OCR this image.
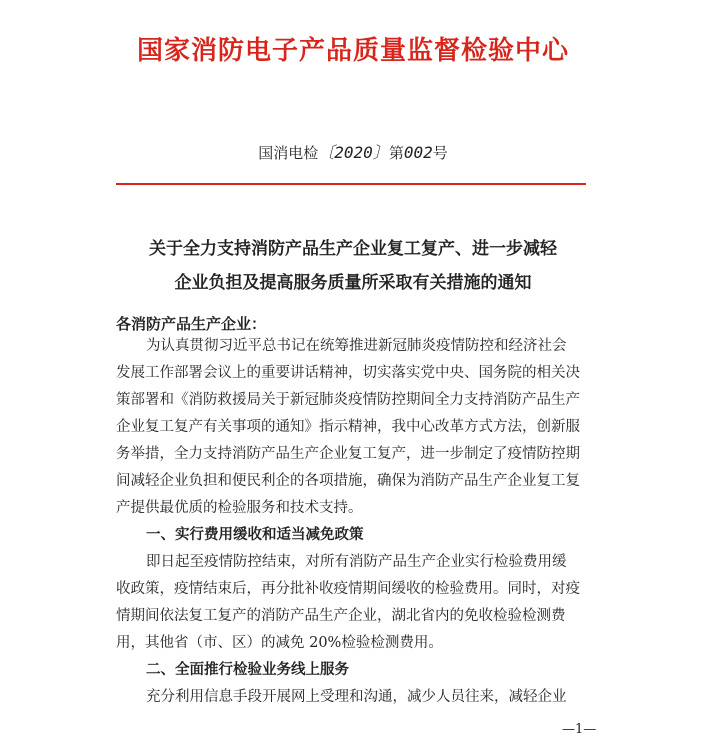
国家消防电子产品质量监督检验中心
国消电检〔2020〕第002号
关于全力支持消防产品生产企业复工复产、进一步减轻
企业负担及提高服务质量所采取有关措施的通知
各消防产品生产企业：
为认真贯彻习近平总书记在统筹推进新冠肺炎疫情防控和经济社会
发展工作部署会议上的重要讲话精神，切实落实党中央、国务院的相关决
策部署和《消防救援局关于新冠肺炎疫情防控期间全力支持消防产品生产
企业复工复产有关事项的通知》指示精神，我中心改革方式方法，创新服
务举措，全力支持消防产品生产企业复工复产，进一步制定了疫情防控期
间减轻企业负担和便民利企的各项措施，确保为消防产品生产企业复工复
产提供最优质的检验服务和技术支持。
一、实行费用缓收和适当减免政策
即日起至疫情防控结束，对所有消防产品生产企业实行检验费用缓
收政策，疫情结束后，再分批补收疫情期间缓收的检验费用。同时，对疫
情期间依法复工复产的消防产品生产企业，湖北省内的免收检验检测费
用，其他省（市、区）的减免 20%检验检测费用。
二、全面推行检验业务线上服务
充分利用信息手段开展网上受理和沟通，减少人员往来，减轻企业
—1—
